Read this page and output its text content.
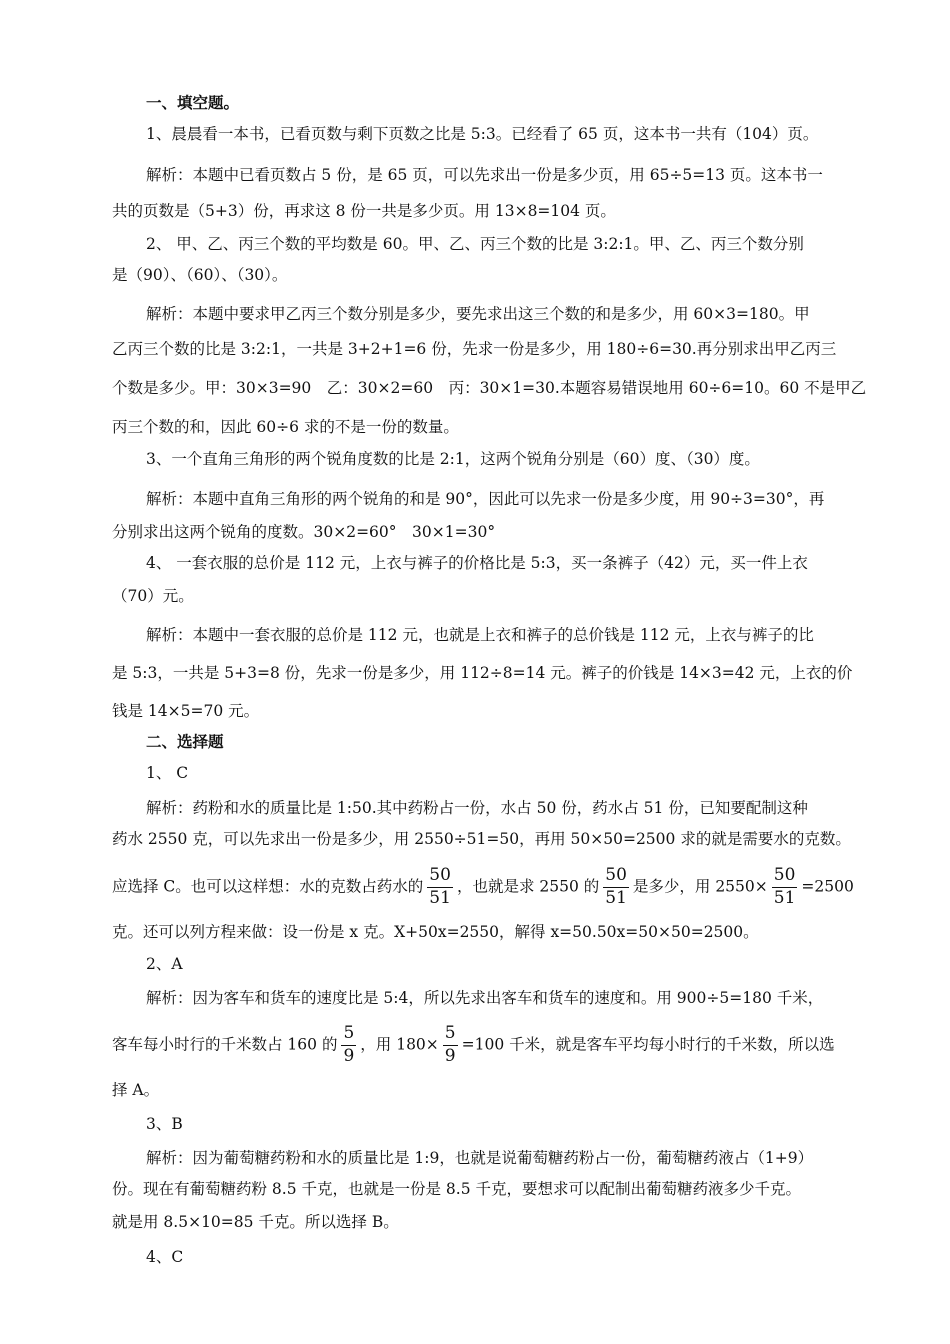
一、填空题。
1、晨晨看一本书，已看页数与剩下页数之比是 5:3。已经看了 65 页，这本书一共有（104）页。
解析：本题中已看页数占 5 份，是 65 页，可以先求出一份是多少页，用 65÷5=13 页。这本书一
共的页数是（5+3）份，再求这 8 份一共是多少页。用 13×8=104 页。
2、 甲、乙、丙三个数的平均数是 60。甲、乙、丙三个数的比是 3:2:1。甲、乙、丙三个数分别
是（90）、（60）、（30）。
解析：本题中要求甲乙丙三个数分别是多少，要先求出这三个数的和是多少，用 60×3=180。甲
乙丙三个数的比是 3:2:1，一共是 3+2+1=6 份，先求一份是多少，用 180÷6=30.再分别求出甲乙丙三
个数是多少。甲：30×3=90　乙：30×2=60　丙：30×1=30.本题容易错误地用 60÷6=10。60 不是甲乙
丙三个数的和，因此 60÷6 求的不是一份的数量。
3、一个直角三角形的两个锐角度数的比是 2:1，这两个锐角分别是（60）度、（30）度。
解析：本题中直角三角形的两个锐角的和是 90°，因此可以先求一份是多少度，用 90÷3=30°，再
分别求出这两个锐角的度数。30×2=60°　30×1=30°
4、 一套衣服的总价是 112 元，上衣与裤子的价格比是 5:3，买一条裤子（42）元，买一件上衣
（70）元。
解析：本题中一套衣服的总价是 112 元，也就是上衣和裤子的总价钱是 112 元，上衣与裤子的比
是 5:3，一共是 5+3=8 份，先求一份是多少，用 112÷8=14 元。裤子的价钱是 14×3=42 元，上衣的价
钱是 14×5=70 元。
二、选择题
1、 C
解析：药粉和水的质量比是 1:50.其中药粉占一份，水占 50 份，药水占 51 份，已知要配制这种
药水 2550 克，可以先求出一份是多少，用 2550÷51=50，再用 50×50=2500 求的就是需要水的克数。
应选择 C。也可以这样想：水的克数占药水的 $\frac{50}{51}$ ，也就是求 2550 的 $\frac{50}{51}$ 是多少，用 $2550\times \frac{50}{51} =2500$
克。还可以列方程来做：设一份是 x 克。X+50x=2550，解得 x=50.50x=50×50=2500。
2、A
解析：因为客车和货车的速度比是 5:4，所以先求出客车和货车的速度和。用 900÷5=180 千米，
客车每小时行的千米数占 160 的 $\frac{5}{9}$ ，用 $180\times \frac{5}{9} =100$ 千米，就是客车平均每小时行的千米数，所以选
择 A。
3、B
解析：因为葡萄糖药粉和水的质量比是 1:9，也就是说葡萄糖药粉占一份，葡萄糖药液占（1+9）
份。现在有葡萄糖药粉 8.5 千克，也就是一份是 8.5 千克，要想求可以配制出葡萄糖药液多少千克。
就是用 8.5×10=85 千克。所以选择 B。
4、C
